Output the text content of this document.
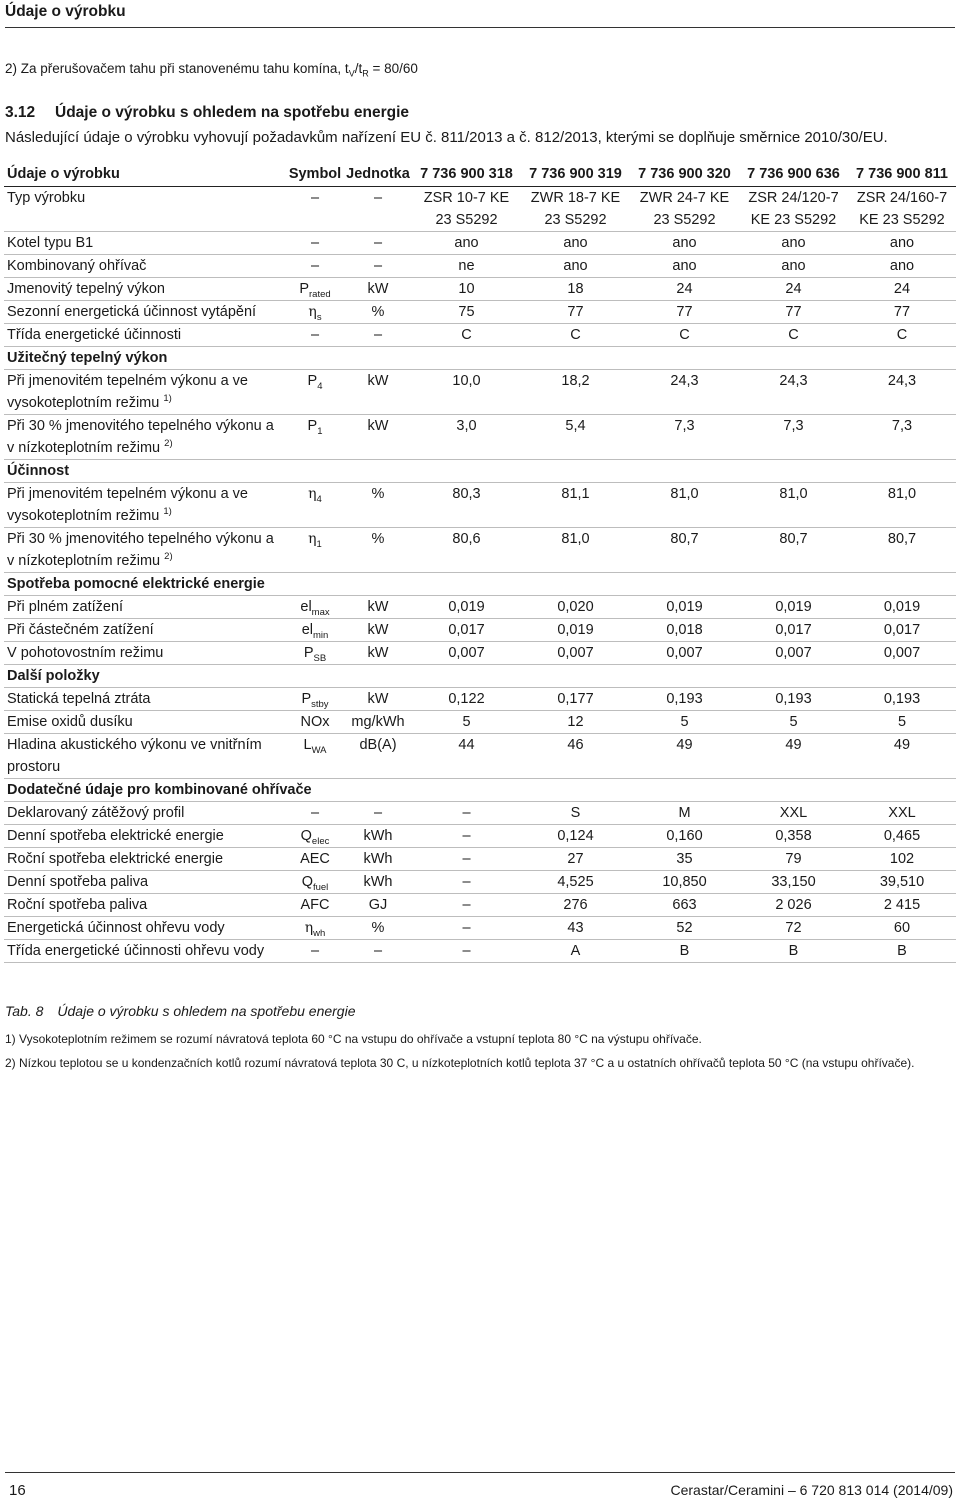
Údaje o výrobku
2) Za přerušovačem tahu při stanovenému tahu komína, $t_V/t_R = 80/60$
3.12 Údaje o výrobku s ohledem na spotřebu energie
Následující údaje o výrobku vyhovují požadavkům nařízení EU č. 811/2013 a č. 812/2013, kterými se doplňuje směrnice 2010/30/EU.
Údaje o výrobku	Symbol	Jednotka	7 736 900 318	7 736 900 319	7 736 900 320	7 736 900 636	7 736 900 811
Typ výrobku	–	–	ZSR 10-7 KE 23 S5292	ZWR 18-7 KE 23 S5292	ZWR 24-7 KE 23 S5292	ZSR 24/120-7 KE 23 S5292	ZSR 24/160-7 KE 23 S5292
Kotel typu B1	–	–	ano	ano	ano	ano	ano
Kombinovaný ohřívač	–	–	ne	ano	ano	ano	ano
Jmenovitý tepelný výkon	$P_{rated}$	kW	10	18	24	24	24
Sezonní energetická účinnost vytápění	$\eta_s$	%	75	77	77	77	77
Třída energetické účinnosti	–	–	C	C	C	C	C
Užitečný tepelný výkon							
Při jmenovitém tepelném výkonu a ve vysokoteplotním režimu $^{1)}$	$P_4$	kW	10,0	18,2	24,3	24,3	24,3
Při 30 % jmenovitého tepelného výkonu a v nízkoteplotním režimu $^{2)}$	$P_1$	kW	3,0	5,4	7,3	7,3	7,3
Účinnost							
Při jmenovitém tepelném výkonu a ve vysokoteplotním režimu $^{1)}$	$\eta_4$	%	80,3	81,1	81,0	81,0	81,0
Při 30 % jmenovitého tepelného výkonu a v nízkoteplotním režimu $^{2)}$	$\eta_1$	%	80,6	81,0	80,7	80,7	80,7
Spotřeba pomocné elektrické energie							
Při plném zatížení	$el_{max}$	kW	0,019	0,020	0,019	0,019	0,019
Při částečném zatížení	$el_{min}$	kW	0,017	0,019	0,018	0,017	0,017
V pohotovostním režimu	$P_{SB}$	kW	0,007	0,007	0,007	0,007	0,007
Další položky							
Statická tepelná ztráta	$P_{stby}$	kW	0,122	0,177	0,193	0,193	0,193
Emise oxidů dusíku	NOx	mg/kWh	5	12	5	5	5
Hladina akustického výkonu ve vnitřním prostoru	$L_{WA}$	dB(A)	44	46	49	49	49
Dodatečné údaje pro kombinované ohřívače							
Deklarovaný zátěžový profil	–	–	–	S	M	XXL	XXL
Denní spotřeba elektrické energie	$Q_{elec}$	kWh	–	0,124	0,160	0,358	0,465
Roční spotřeba elektrické energie	AEC	kWh	–	27	35	79	102
Denní spotřeba paliva	$Q_{fuel}$	kWh	–	4,525	10,850	33,150	39,510
Roční spotřeba paliva	AFC	GJ	–	276	663	2 026	2 415
Energetická účinnost ohřevu vody	$\eta_{wh}$	%	–	43	52	72	60
Třída energetické účinnosti ohřevu vody	–	–	–	A	B	B	B
Tab. 8 Údaje o výrobku s ohledem na spotřebu energie
1) Vysokoteplotním režimem se rozumí návratová teplota 60 °C na vstupu do ohřívače a vstupní teplota 80 °C na výstupu ohřívače.
2) Nízkou teplotou se u kondenzačních kotlů rozumí návratová teplota 30 C, u nízkoteplotních kotlů teplota 37 °C a u ostatních ohřívačů teplota 50 °C (na vstupu ohřívače).
16	Cerastar/Ceramini – 6 720 813 014 (2014/09)
